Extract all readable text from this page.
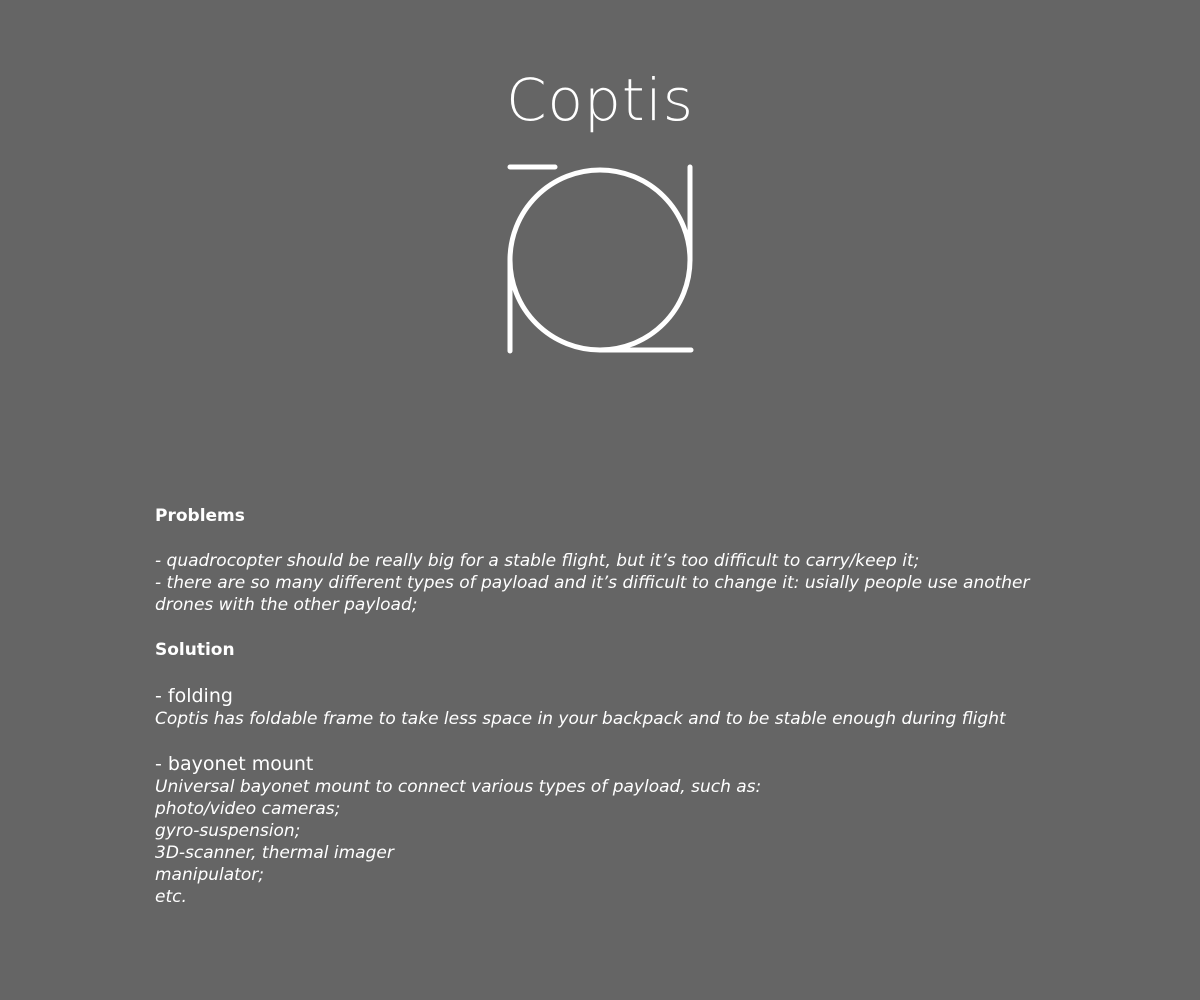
Coptis
Problems

- quadrocopter should be really big for a stable flight, but it’s too difficult to carry/keep it;

- there are so many different types of payload and it’s difficult to change it: usially people use another drones with the other payload;

Solution

- folding

Coptis has foldable frame to take less space in your backpack and to be stable enough during flight

- bayonet mount

Universal bayonet mount to connect various types of payload, such as:

photo/video cameras;

gyro-suspension;

3D-scanner, thermal imager

manipulator;

etc.
